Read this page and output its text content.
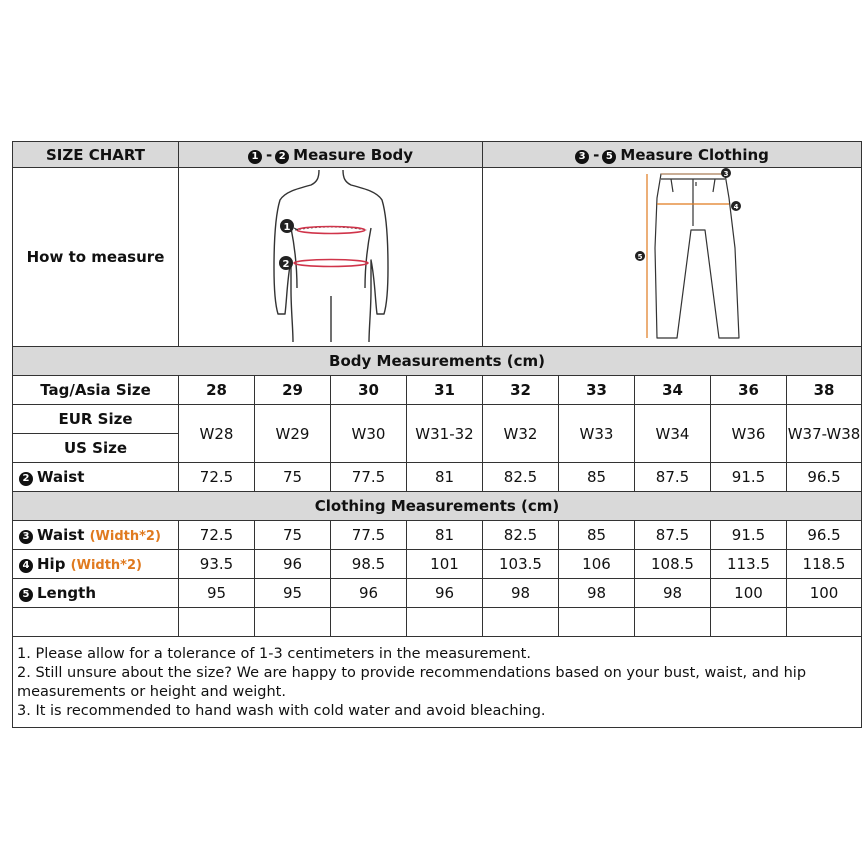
SIZE CHART	1 - 2 Measure Body				3 - 5 Measure Clothing				
How to measure	1
2				3
4
5				

Body Measurements (cm)									
Tag/Asia Size	28	29	30	31	32	33	34	36	38
EUR Size	W28	W29	W30	W31-32	W32	W33	W34	W36	W37-W38
US Size									
2 Waist	72.5	75	77.5	81	82.5	85	87.5	91.5	96.5
Clothing Measurements (cm)									
3 Waist (Width*2)	72.5	75	77.5	81	82.5	85	87.5	91.5	96.5
4 Hip (Width*2)	93.5	96	98.5	101	103.5	106	108.5	113.5	118.5
5 Length	95	95	96	96	98	98	98	100	100

1. Please allow for a tolerance of 1-3 centimeters in the measurement.
2. Still unsure about the size? We are happy to provide recommendations based on your bust, waist, and hip measurements or height and weight.
3. It is recommended to hand wash with cold water and avoid bleaching.
